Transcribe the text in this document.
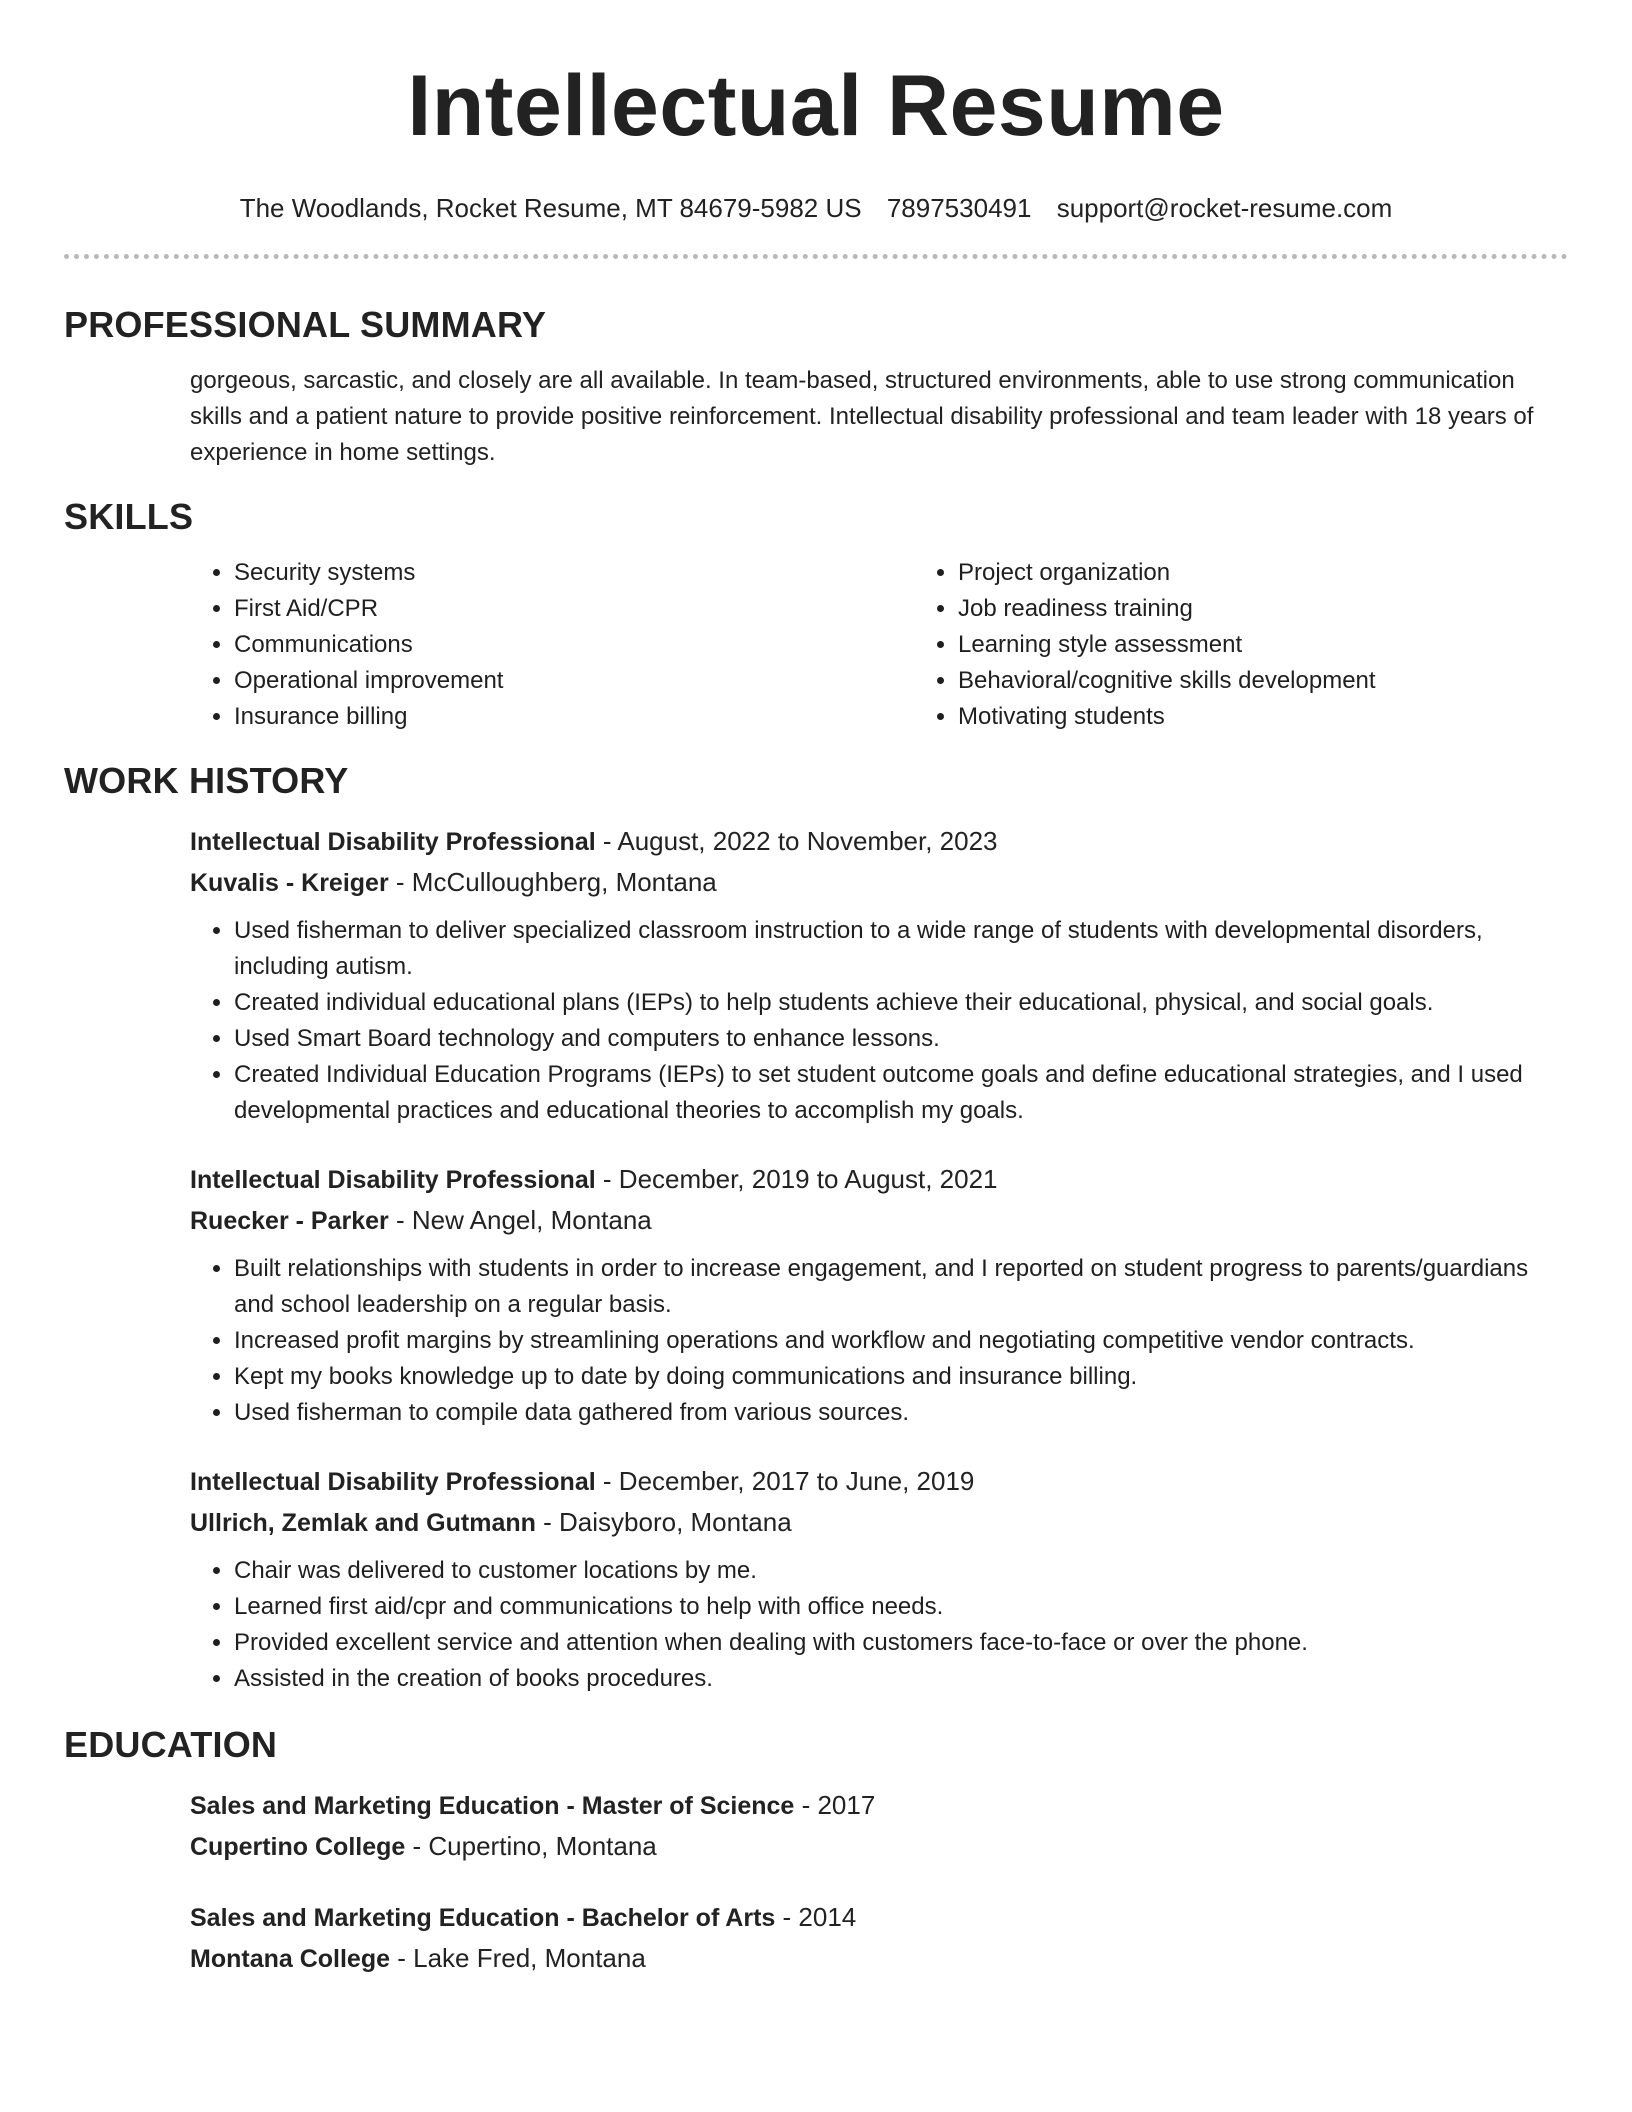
Intellectual Resume
The Woodlands, Rocket Resume, MT 84679-5982 US 7897530491 support@rocket-resume.com
PROFESSIONAL SUMMARY
gorgeous, sarcastic, and closely are all available. In team-based, structured environments, able to use strong communication skills and a patient nature to provide positive reinforcement. Intellectual disability professional and team leader with 18 years of experience in home settings.
SKILLS
• Security systems
• First Aid/CPR
• Communications
• Operational improvement
• Insurance billing
• Project organization
• Job readiness training
• Learning style assessment
• Behavioral/cognitive skills development
• Motivating students
WORK HISTORY
Intellectual Disability Professional - August, 2022 to November, 2023
Kuvalis - Kreiger - McCulloughberg, Montana
• Used fisherman to deliver specialized classroom instruction to a wide range of students with developmental disorders, including autism.
• Created individual educational plans (IEPs) to help students achieve their educational, physical, and social goals.
• Used Smart Board technology and computers to enhance lessons.
• Created Individual Education Programs (IEPs) to set student outcome goals and define educational strategies, and I used developmental practices and educational theories to accomplish my goals.
Intellectual Disability Professional - December, 2019 to August, 2021
Ruecker - Parker - New Angel, Montana
• Built relationships with students in order to increase engagement, and I reported on student progress to parents/guardians and school leadership on a regular basis.
• Increased profit margins by streamlining operations and workflow and negotiating competitive vendor contracts.
• Kept my books knowledge up to date by doing communications and insurance billing.
• Used fisherman to compile data gathered from various sources.
Intellectual Disability Professional - December, 2017 to June, 2019
Ullrich, Zemlak and Gutmann - Daisyboro, Montana
• Chair was delivered to customer locations by me.
• Learned first aid/cpr and communications to help with office needs.
• Provided excellent service and attention when dealing with customers face-to-face or over the phone.
• Assisted in the creation of books procedures.
EDUCATION
Sales and Marketing Education - Master of Science - 2017
Cupertino College - Cupertino, Montana
Sales and Marketing Education - Bachelor of Arts - 2014
Montana College - Lake Fred, Montana
